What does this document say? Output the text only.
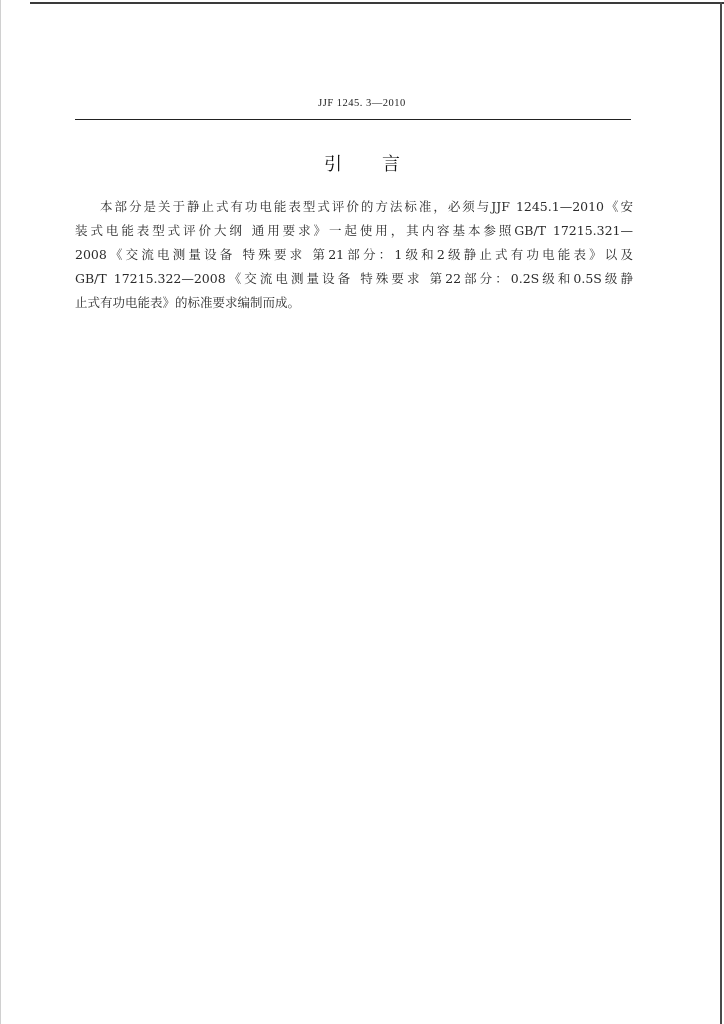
JJF 1245. 3—2010
引言
本部分是关于静止式有功电能表型式评价的方法标准，必须与JJF 1245.1—2010《安
装式电能表型式评价大纲 通用要求》一起使用，其内容基本参照GB/T 17215.321—
2008《交流电测量设备 特殊要求 第21部分：1级和2级静止式有功电能表》以及
GB/T 17215.322—2008《交流电测量设备 特殊要求 第22部分：0.2S级和0.5S级静
止式有功电能表》的标准要求编制而成。
